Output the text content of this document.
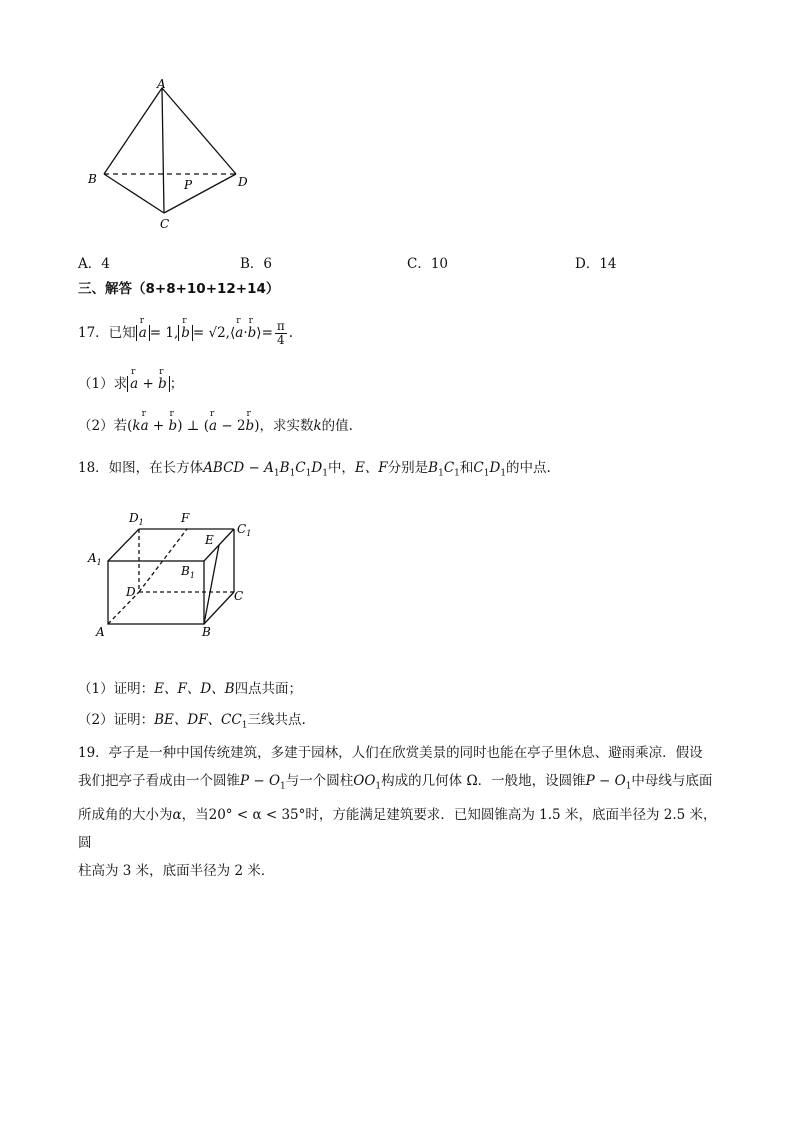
A
B
C
D
P
A．4	B．6	C．10	D．14
三、解答（8+8+10+12+14）
17．已知 r a = 1, r b = √2,⟨r a·r b⟩= $\frac{\pi}{4}$ .
（1）求 r a + r b ；
（2）若(kr a + r b) ⊥ (r a − 2r b)，求实数k的值.
18．如图，在长方体ABCD − $A_1B_1C_1D_1$中，E、F分别是$B_1C_1$和$C_1D_1$的中点.
$D_1$	F
$C_1$
E
$A_1$
$B_1$
D	C
A	B
（1）证明：E、F、D、B四点共面；
（2）证明：BE、DF、$CC_1$三线共点.

19．亭子是一种中国传统建筑，多建于园林，人们在欣赏美景的同时也能在亭子里休息、避雨乘凉．假设

我们把亭子看成由一个圆锥$P - O_1$与一个圆柱$OO_1$构成的几何体 Ω．一般地，设圆锥$P - O_1$中母线与底面

所成角的大小为α，当20° < α < 35°时，方能满足建筑要求．已知圆锥高为 1.5 米，底面半径为 2.5 米，圆

柱高为 3 米，底面半径为 2 米．
